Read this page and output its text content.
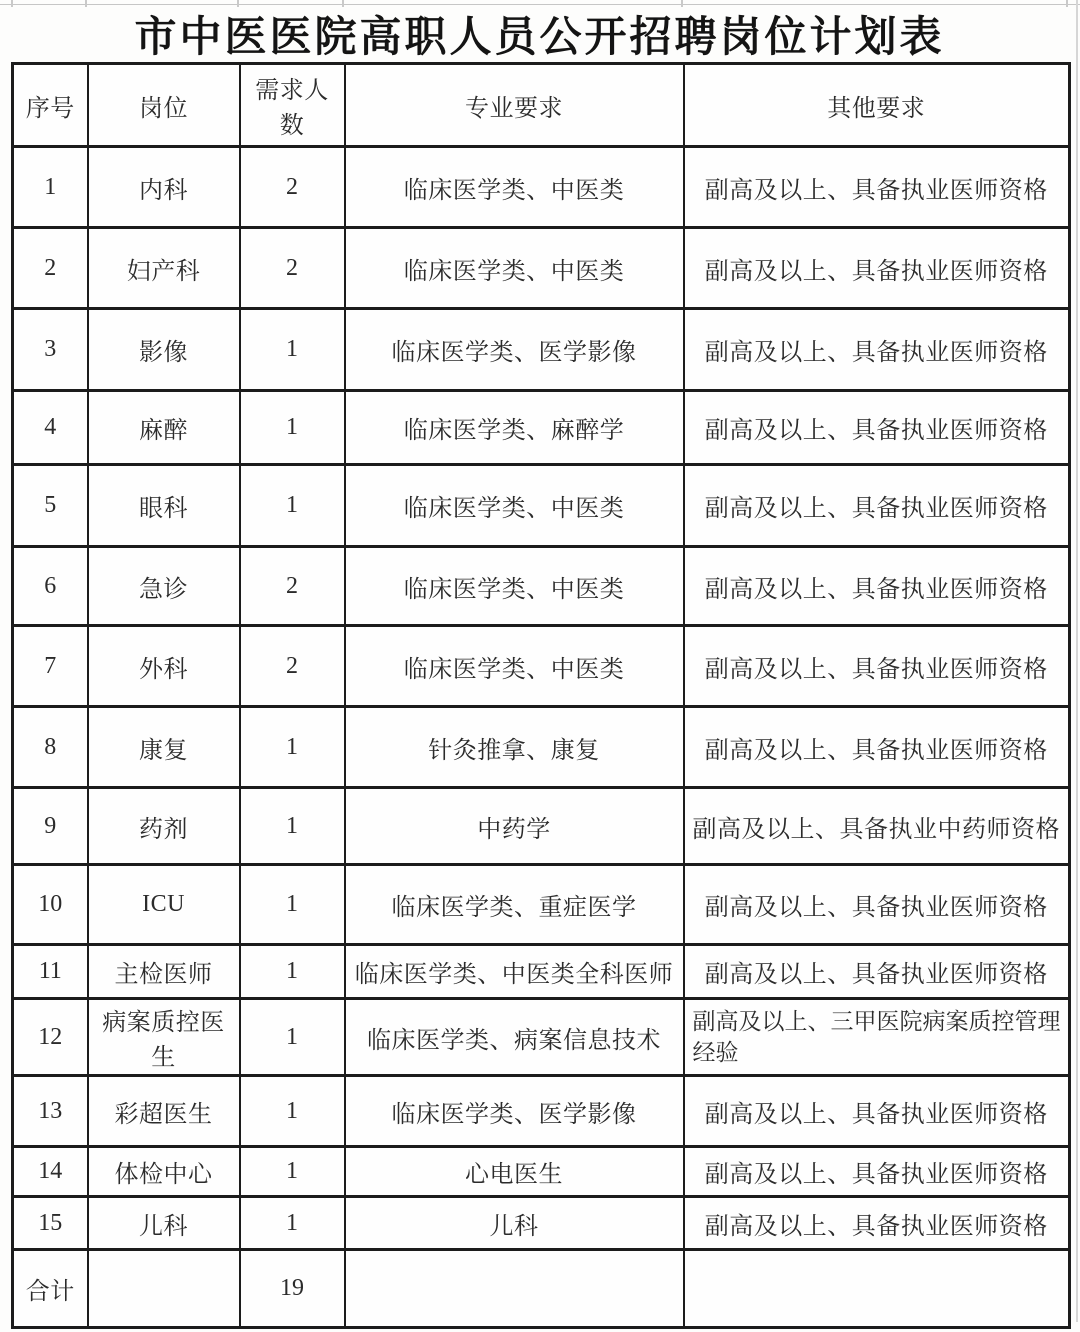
市中医医院高职人员公开招聘岗位计划表
序号	岗位	需求人数	专业要求	其他要求
1	内科	2	临床医学类、中医类	副高及以上、具备执业医师资格
2	妇产科	2	临床医学类、中医类	副高及以上、具备执业医师资格
3	影像	1	临床医学类、医学影像	副高及以上、具备执业医师资格
4	麻醉	1	临床医学类、麻醉学	副高及以上、具备执业医师资格
5	眼科	1	临床医学类、中医类	副高及以上、具备执业医师资格
6	急诊	2	临床医学类、中医类	副高及以上、具备执业医师资格
7	外科	2	临床医学类、中医类	副高及以上、具备执业医师资格
8	康复	1	针灸推拿、康复	副高及以上、具备执业医师资格
9	药剂	1	中药学	副高及以上、具备执业中药师资格
10	ICU	1	临床医学类、重症医学	副高及以上、具备执业医师资格
11	主检医师	1	临床医学类、中医类全科医师	副高及以上、具备执业医师资格
12	病案质控医生	1	临床医学类、病案信息技术	副高及以上、三甲医院病案质控管理经验
13	彩超医生	1	临床医学类、医学影像	副高及以上、具备执业医师资格
14	体检中心	1	心电医生	副高及以上、具备执业医师资格
15	儿科	1	儿科	副高及以上、具备执业医师资格
合计		19		
